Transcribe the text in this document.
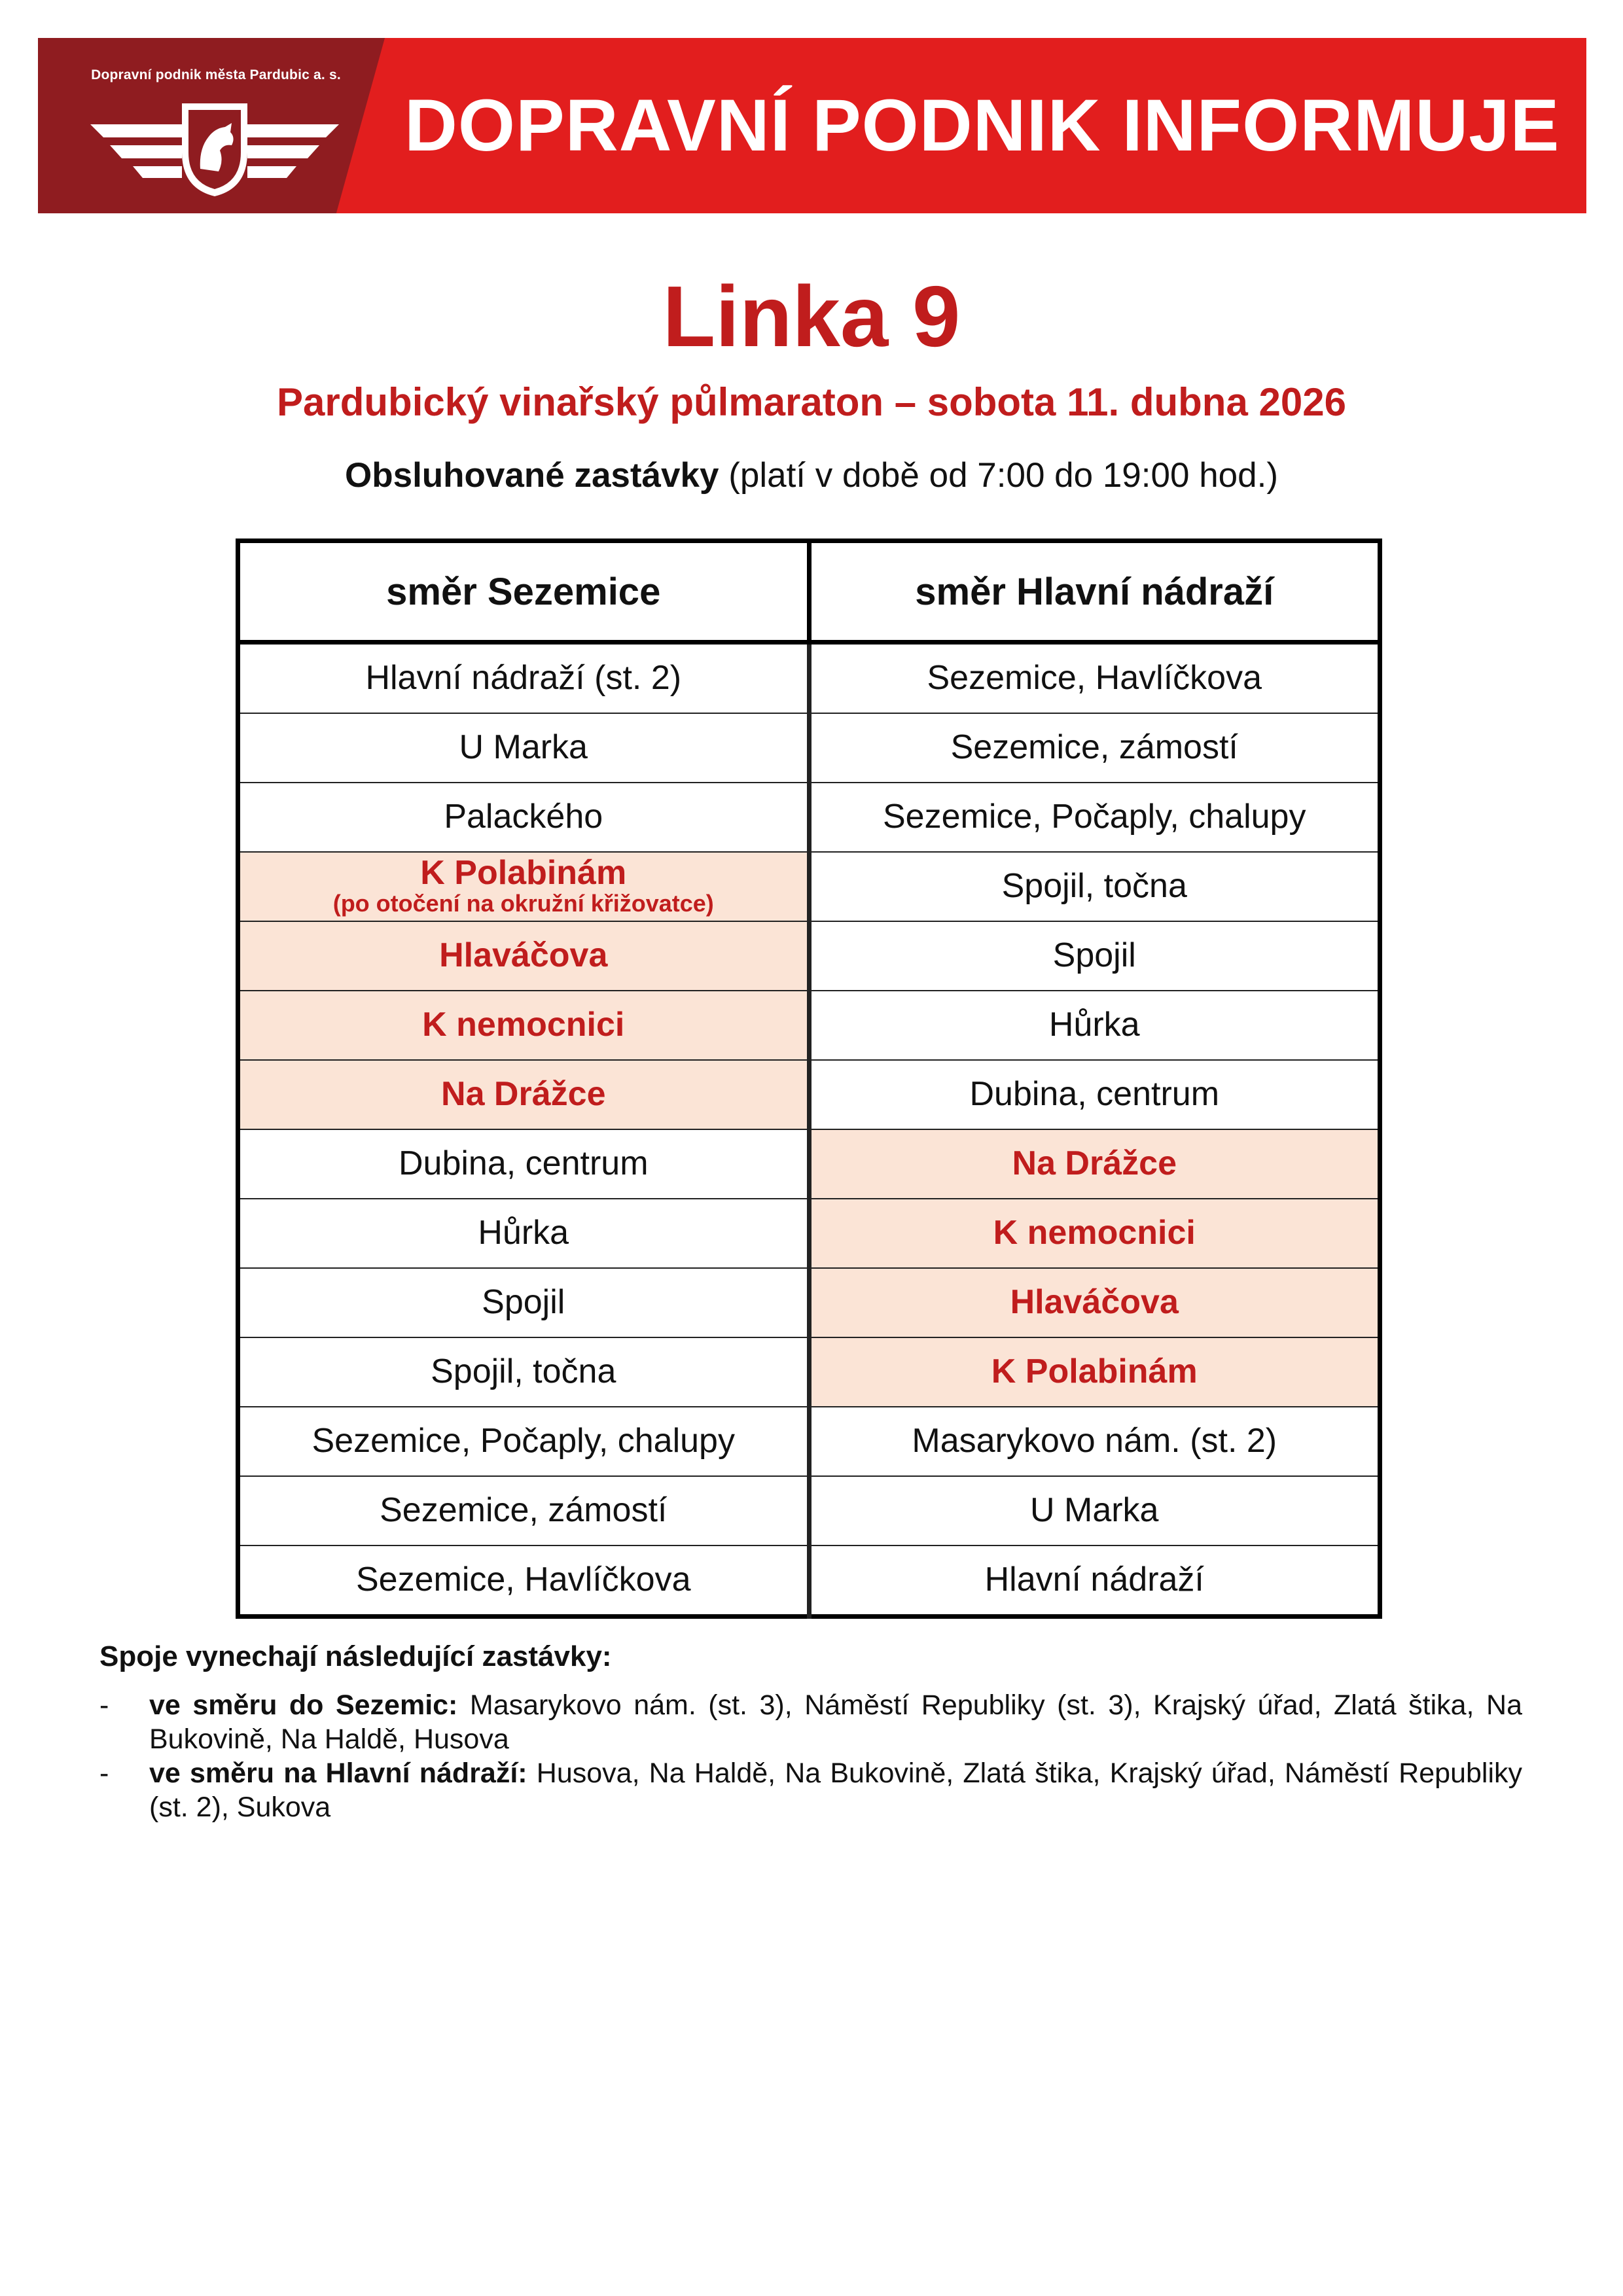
Dopravní podnik města Pardubic a. s.
DOPRAVNÍ PODNIK INFORMUJE
Linka 9
Pardubický vinařský půlmaraton – sobota 11. dubna 2026
Obsluhované zastávky (platí v době od 7:00 do 19:00 hod.)
směr Sezemice	směr Hlavní nádraží
Hlavní nádraží (st. 2)	Sezemice, Havlíčkova
U Marka	Sezemice, zámostí
Palackého	Sezemice, Počaply, chalupy

K Polabinám
(po otočení na okružní křižovatce)	Spojil, točna
Hlaváčova	Spojil
K nemocnici	Hůrka
Na Drážce	Dubina, centrum
Dubina, centrum	Na Drážce
Hůrka	K nemocnici
Spojil	Hlaváčova
Spojil, točna	K Polabinám
Sezemice, Počaply, chalupy	Masarykovo nám. (st. 2)
Sezemice, zámostí	U Marka
Sezemice, Havlíčkova	Hlavní nádraží
Spoje vynechají následující zastávky:
- ve směru do Sezemic: Masarykovo nám. (st. 3), Náměstí Republiky (st. 3), Krajský úřad, Zlatá štika, Na Bukovině, Na Haldě, Husova
- ve směru na Hlavní nádraží: Husova, Na Haldě, Na Bukovině, Zlatá štika, Krajský úřad, Náměstí Republiky (st. 2), Sukova
